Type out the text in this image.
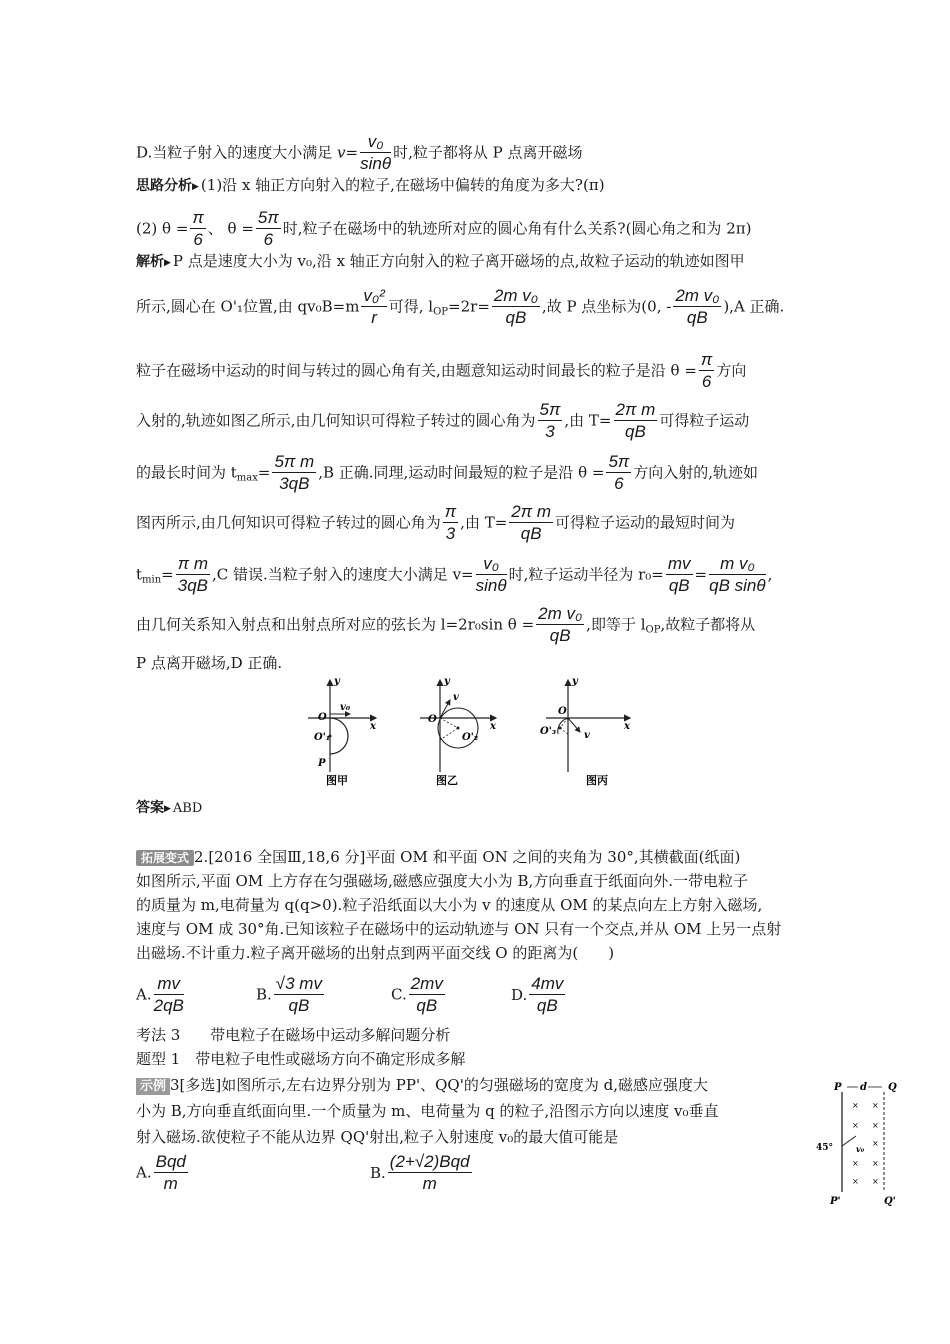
D.当粒子射入的速度大小满足 $v= \frac{\text{v₀}}{\sin\theta}$ 时,粒子都将从 P 点离开磁场
思路分析▶ (1)沿 x 轴正方向射入的粒子,在磁场中偏转的角度为多大?(π)
(2) $\theta = \frac{\pi}{6}$ 、 $\theta = \frac{5\pi}{6}$ 时,粒子在磁场中的轨迹所对应的圆心角有什么关系?(圆心角之和为 2π)
解析▶ P 点是速度大小为 v₀,沿 x 轴正方向射入的粒子离开磁场的点,故粒子运动的轨迹如图甲
所示,圆心在 O'₁位置,由 $qv_0B=m \frac{\text{v₀²}}{r}$ 可得, $l_{OP}=2r= \frac{\text{2m v₀}}{qB}$ ,故 P 点坐标为(0, - $\frac{\text{2m v₀}}{qB} ),A$ 正确.
粒子在磁场中运动的时间与转过的圆心角有关,由题意知运动时间最长的粒子是沿 $\theta = \frac{\pi}{6}$ 方向
入射的,轨迹如图乙所示,由几何知识可得粒子转过的圆心角为 $\frac{5\pi}{3}$ ,由 $T= \frac{\text{2π m}}{qB}$ 可得粒子运动
的最长时间为 $t_{max}= \frac{\text{5π m}}{3qB} ,B$ 正确.同理,运动时间最短的粒子是沿 $\theta = \frac{5\pi}{6}$ 方向入射的,轨迹如
图丙所示,由几何知识可得粒子转过的圆心角为 $\frac{\pi}{3}$ ,由 $T= \frac{\text{2π m}}{qB}$ 可得粒子运动的最短时间为
$t_{min}= \frac{\text{π m}}{3qB} ,C$ 错误.当粒子射入的速度大小满足 $v= \frac{\text{v₀}}{\sin\theta}$ 时,粒子运动半径为 $r_0= \frac{mv}{qB} = \frac{\text{m v₀}}{\text{qB sinθ}}$ ,
由几何关系知入射点和出射点所对应的弦长为 l=2r₀sin $\theta = \frac{\text{2m v₀}}{qB}$ ,即等于 $l_{OP}$,故粒子都将从
P 点离开磁场,D 正确.
y
x
O
v₀
O'₁
P
图甲
y
x
O
v
O'₂
图乙
y
x
O
v
O'₃
图丙
答案▶ ABD
拓展变式 2.[2016 全国Ⅲ,18,6 分]平面 OM 和平面 ON 之间的夹角为 30°,其横截面(纸面)
如图所示,平面 OM 上方存在匀强磁场,磁感应强度大小为 B,方向垂直于纸面向外.一带电粒子
的质量为 m,电荷量为 q(q>0).粒子沿纸面以大小为 v 的速度从 OM 的某点向左上方射入磁场,
速度与 OM 成 30°角.已知该粒子在磁场中的运动轨迹与 ON 只有一个交点,并从 OM 上另一点射
出磁场.不计重力.粒子离开磁场的出射点到两平面交线 O 的距离为(　　)
A. $\frac{mv}{2qB}$	B. $\frac{√3 mv}{qB}$	C. $\frac{2mv}{qB}$	D. $\frac{4mv}{qB}$
考法 3　　带电粒子在磁场中运动多解问题分析
题型 1　带电粒子电性或磁场方向不确定形成多解
示例 3[多选]如图所示,左右边界分别为 PP'、QQ'的匀强磁场的宽度为 d,磁感应强度大
小为 B,方向垂直纸面向里.一个质量为 m、电荷量为 q 的粒子,沿图示方向以速度 v₀垂直
射入磁场.欲使粒子不能从边界 QQ'射出,粒子入射速度 v₀的最大值可能是
A. $\frac{\text{Bqd}}{m}$	B. $\frac{\text{(2+√2)Bqd}}{m}$
P	Q
d
P'	Q'
45°	v₀
× ×
× ×
×
× ×
× ×
